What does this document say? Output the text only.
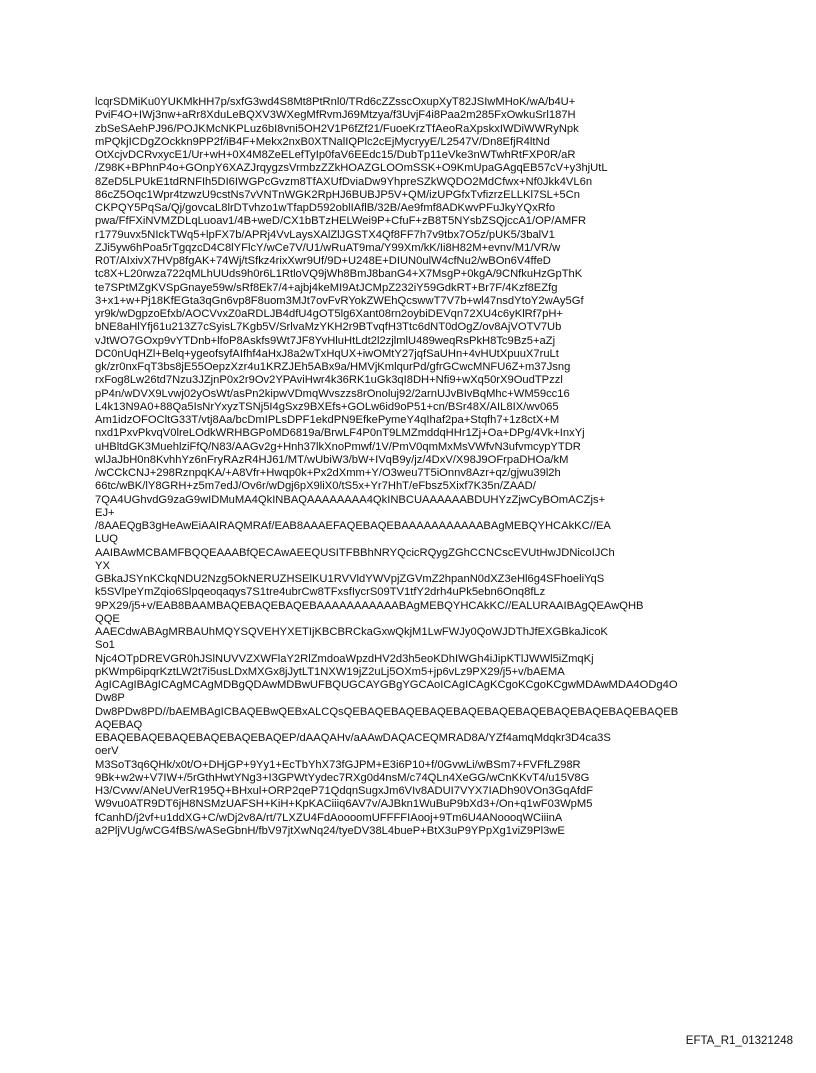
lcqrSDMiKu0YUKMkHH7p/sxfG3wd4S8Mt8PtRnl0/TRd6cZZsscOxupXyT82JSIwMHoK/wA/b4U+
PviF4O+IWj3nw+aRr8XduLeBQXV3WXegMfRvmJ69Mtzya/f3UvjF4i8Paa2m285FxOwkuSrl187H
zbSeSAehPJ96/POJKMcNKPLuz6bI8vni5OH2V1P6fZf21/FuoeKrzTfAeoRaXpskxIWDiWWRyNpk
mPQkjICDgZOckkn9PP2f/iB4F+Mekx2nxB0XTNalIQPlc2cEjMycryyE/L2547V/Dn8EfjR4ltNd
OtXcjvDCRvxycE1/Ur+wH+0X4M8ZeELefTyIp0faV6EEdc15/DubTp11eVke3nWTwhRtFXP0R/aR
/Z98K+BPhnP4o+GOnpY6XAZJrqygzsVrmbzZZkHOAZGLOOmSSK+O9KmUpaGAgqEB57cV+y3hjUtL
8ZeD5LPUkE1tdRNFIh5DI6IWGPcGvzm8TfAXUfDviaDw9YhpreSZkWQDO2MdCfwx+Nf0Jkk4VL6n
86cZ5Oqc1Wpr4tzwzU9cstNs7vVNTnWGK2RpHJ6BUBJP5V+QM/izUPGfxTvfizrzELLKl7SL+5Cn
CKPQY5PqSa/Qj/govcaL8lrDTvhzo1wTfapD592oblIAflB/32B/Ae9fmf8ADKwvPFuJkyYQxRfo
pwa/FfFXiNVMZDLqLuoav1/4B+weD/CX1bBTzHELWei9P+CfuF+zB8T5NYsbZSQjccA1/OP/AMFR
r1779uvx5NIckTWq5+lpFX7b/APRj4VvLaysXAlZlJGSTX4Qf8FF7h7v9tbx7O5z/pUK5/3balV1
ZJi5yw6hPoa5rTgqzcD4C8lYFlcY/wCe7V/U1/wRuAT9ma/Y99Xm/kK/Ii8H82M+evnv/M1/VR/w
R0T/AIxivX7HVp8fgAK+74Wj/tSfkz4rixXwr9Uf/9D+U248E+DIUN0ulW4cfNu2/wBOn6V4ffeD
tc8X+L20rwza722qMLhUUds9h0r6L1RtloVQ9jWh8BmJ8banG4+X7MsgP+0kgA/9CNfkuHzGpThK
te7SPtMZgKVSpGnaye59w/sRf8Ek7/4+ajbj4keMI9AtJCMpZ232iY59GdkRT+Br7F/4Kzf8EZfg
3+x1+w+Pj18KfEGta3qGn6vp8F8uom3MJt7ovFvRYokZWEhQcswwT7V7b+wl47nsdYtoY2wAy5Gf
yr9k/wDgpzoEfxb/AOCVvxZ0aRDLJB4dfU4gOT5lg6Xant08rn2oybiDEVqn72XU4c6yKlRf7pH+
bNE8aHlYfj61u213Z7cSyisL7Kgb5V/SrlvaMzYKH2r9BTvqfH3Ttc6dNT0dOgZ/ov8AjVOTV7Ub
vJtWO7GOxp9vYTDnb+lfoP8Askfs9Wt7JF8YvHluHtLdt2l2zjlmlU489weqRsPkH8Tc9Bz5+aZj
DC0nUqHZl+Belq+ygeofsyfAIfhf4aHxJ8a2wTxHqUX+iwOMtY27jqfSaUHn+4vHUtXpuuX7ruLt
gk/zr0nxFqT3bs8jE55OepzXzr4u1KRZJEh5ABx9a/HMVjKmlqurPd/gfrGCwcMNFU6Z+m37Jsng
rxFog8Lw26td7Nzu3JZjnP0x2r9Ov2YPAviHwr4k36RK1uGk3qI8DH+Nfi9+wXq50rX9OudTPzzl
pP4n/wDVX9Lvwj02yOsWt/asPn2kipwVDmqWvszzs8rOnoluj92/2arnUJvBIvBqMhc+WM59cc16
L4k13N9A0+88Qa5IsNrYxyzTSNj5I4gSxz9BXEfs+GOLw6id9oP51+cn/BSr48X/AIL8IX/wv065
Am1idzOFOCltG33T/vtj8Aa/bcDmIPLsDPF1ekdPN9EfkePymeY4qIhaf2pa+Stqfh7+1z8ctX+M
nxd1PxvPkvqV0lreLOdkWRHBGPoMD6819a/BrwLF4P0nT9LMZmddqHHr1Zj+Oa+DPg/4Vk+InxYj
uHBltdGK3MuehlziFfQ/N83/AAGv2g+Hnh37lkXnoPmwf/1V/PmV0qmMxMsVWfvN3ufvmcypYTDR
wlJaJbH0n8KvhhYz6nFryRAzR4HJ61/MT/wUbiW3/bW+IVqB9y/jz/4DxV/X98J9OFrpaDHOa/kM
/wCCkCNJ+298RznpqKA/+A8Vfr+Hwqp0k+Px2dXmm+Y/O3weu7T5iOnnv8Azr+qz/gjwu39l2h
66tc/wBK/lY8GRH+z5m7edJ/Ov6r/wDgj6pX9liX0/tS5x+Yr7HhT/eFbsz5Xixf7K35n/ZAAD/
7QA4UGhvdG9zaG9wIDMuMA4QkINBAQAAAAAAAA4QkINBCUAAAAAABDUHYzZjwCyBOmACZjs+
EJ+
/8AAEQgB3gHeAwEiAAIRAQMRAf/EAB8AAAEFAQEBAQEBAAAAAAAAAAABAgMEBQYHCAkKC//EA
LUQ
AAIBAwMCBAMFBQQEAAABfQECAwAEEQUSITFBBhNRYQcicRQygZGhCCNCscEVUtHwJDNicoIJCh
YX
GBkaJSYnKCkqNDU2Nzg5OkNERUZHSElKU1RVVldYWVpjZGVmZ2hpanN0dXZ3eHl6g4SFhoeliYqS
k5SVlpeYmZqio6Slpqeoqaqys7S1tre4ubrCw8TFxsfIycrS09TV1tfY2drh4uPk5ebn6Onq8fLz
9PX29/j5+v/EAB8BAAMBAQEBAQEBAQEBAAAAAAAAAAABAgMEBQYHCAkKC//EALURAAIBAgQEAwQHB
QQE
AAECdwABAgMRBAUhMQYSQVEHYXETIjKBCBRCkaGxwQkjM1LwFWJy0QoWJDThJfEXGBkaJicoK
So1
Njc4OTpDREVGR0hJSlNUVVZXWFlaY2RlZmdoaWpzdHV2d3h5eoKDhIWGh4iJipKTlJWWl5iZmqKj
pKWmp6ipqrKztLW2t7i5usLDxMXGx8jJytLT1NXW19jZ2uLj5OXm5+jp6vLz9PX29/j5+v/bAEMA
AgICAgIBAgICAgMCAgMDBgQDAwMDBwUFBQUGCAYGBgYGCAoICAgICAgKCgoKCgoKCgwMDAwMDA4ODg4O
Dw8P
Dw8PDw8PD//bAEMBAgICBAQEBwQEBxALCQsQEBAQEBAQEBAQEBAQEBAQEBAQEBAQEBAQEBAQEBAQEB
AQEBAQ
EBAQEBAQEBAQEBAQEBAQEBAQEP/dAAQAHv/aAAwDAQACEQMRAD8A/YZf4amqMdqkr3D4ca3S
oerV
M3SoT3q6QHk/x0t/O+DHjGP+9Yy1+EcTbYhX73fGJPM+E3i6P10+f/0GvwLi/wBSm7+FVFfLZ98R
9Bk+w2w+V7IW+/5rGthHwtYNg3+I3GPWtYydec7RXg0d4nsM/c74QLn4XeGG/wCnKKvT4/u15V8G
H3/Cvwv/ANeUVerR195Q+BHxul+ORP2qeP71QdqnSugxJm6VIv8ADUI7VYX7IADh90VOn3GqAfdF
W9vu0ATR9DT6jH8NSMzUAFSH+KiH+KpKACiiiq6AV7v/AJBkn1WuBuP9bXd3+/On+q1wF03WpM5
fCanhD/j2vf+u1ddXG+C/wDj2v8A/rt/7LXZU4FdAoooomUFFFFIAooj+9Tm6U4ANoooqWCiiinA
a2PljVUg/wCG4fBS/wASeGbnH/fbV97jtXwNq24/tyeDV38L4bueP+BtX3uP9YPpXg1viZ9Pl3wE
EFTA_R1_01321248
